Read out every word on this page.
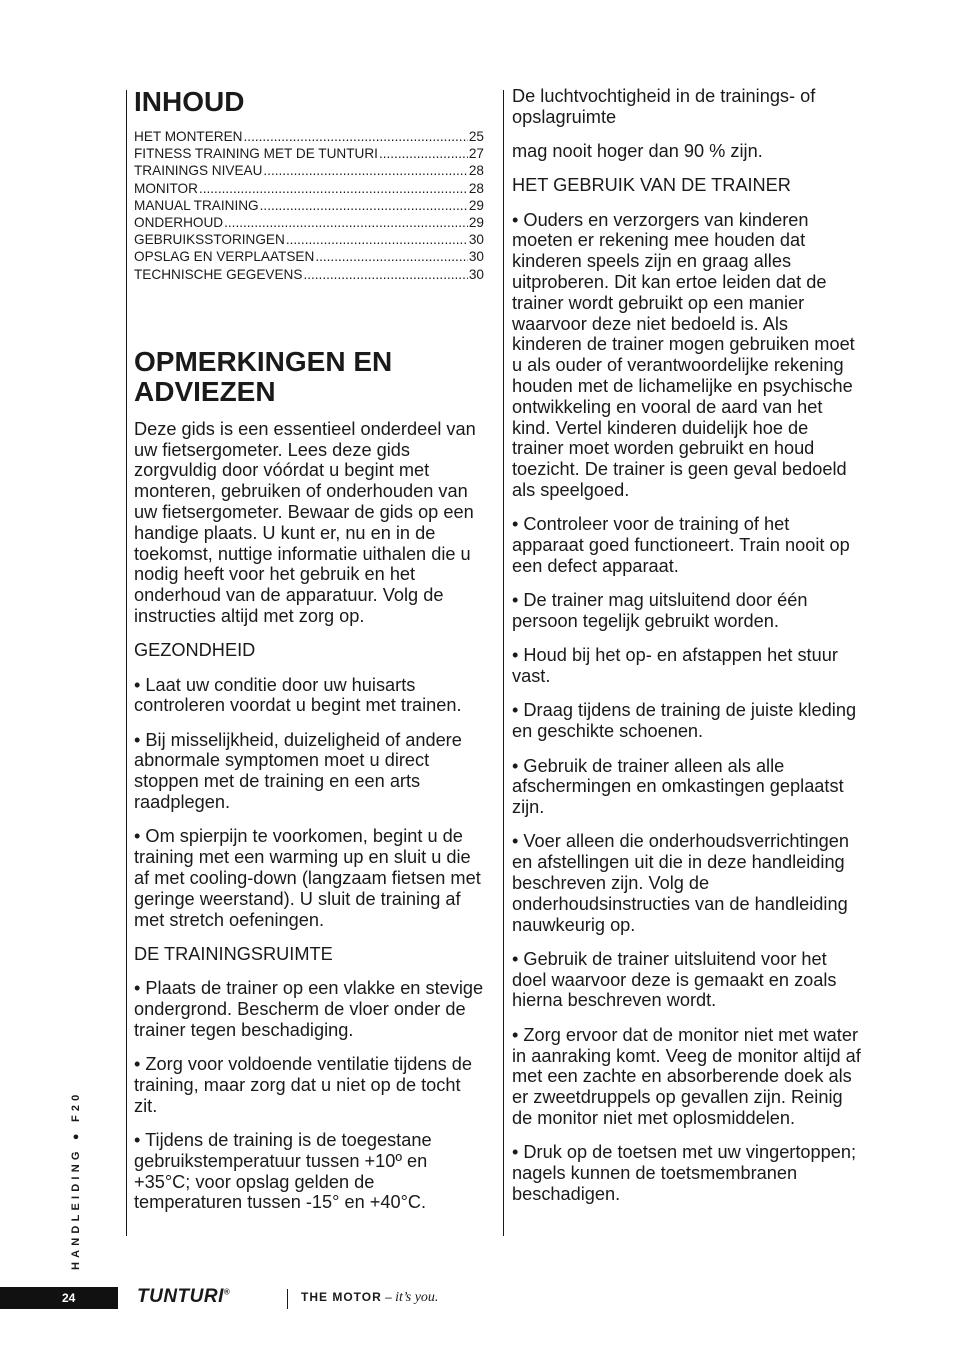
INHOUD
HET MONTEREN .....	25
FITNESS TRAINING MET DE TUNTURI .....	27
TRAININGS NIVEAU .....	28
MONITOR .....	28
MANUAL TRAINING .....	29
ONDERHOUD .....	29
GEBRUIKSSTORINGEN .....	30
OPSLAG EN VERPLAATSEN .....	30
TECHNISCHE GEGEVENS .....	30
OPMERKINGEN EN ADVIEZEN

Deze gids is een essentieel onderdeel van uw fietsergometer. Lees deze gids zorgvuldig door vóórdat u begint met monteren, gebruiken of onderhouden van uw fietsergometer. Bewaar de gids op een handige plaats. U kunt er, nu en in de toekomst, nuttige informatie uithalen die u nodig heeft voor het gebruik en het onderhoud van de apparatuur. Volg de instructies altijd met zorg op.

GEZONDHEID

• Laat uw conditie door uw huisarts controleren voordat u begint met trainen.

• Bij misselijkheid, duizeligheid of andere abnormale symptomen moet u direct stoppen met de training en een arts raadplegen.

• Om spierpijn te voorkomen, begint u de training met een warming up en sluit u die af met cooling-down (langzaam fietsen met geringe weerstand). U sluit de training af met stretch oefeningen.

DE TRAININGSRUIMTE

• Plaats de trainer op een vlakke en stevige ondergrond. Bescherm de vloer onder de trainer tegen beschadiging.

• Zorg voor voldoende ventilatie tijdens de training, maar zorg dat u niet op de tocht zit.

• Tijdens de training is de toegestane gebruikstemperatuur tussen +10º en +35°C; voor opslag gelden de temperaturen tussen -15° en +40°C.

De luchtvochtigheid in de trainings- of opslagruimte

mag nooit hoger dan 90 % zijn.

HET GEBRUIK VAN DE TRAINER

• Ouders en verzorgers van kinderen moeten er rekening mee houden dat kinderen speels zijn en graag alles uitproberen. Dit kan ertoe leiden dat de trainer wordt gebruikt op een manier waarvoor deze niet bedoeld is. Als kinderen de trainer mogen gebruiken moet u als ouder of verantwoordelijke rekening houden met de lichamelijke en psychische ontwikkeling en vooral de aard van het kind. Vertel kinderen duidelijk hoe de trainer moet worden gebruikt en houd toezicht. De trainer is geen geval bedoeld als speelgoed.

• Controleer voor de training of het apparaat goed functioneert. Train nooit op een defect apparaat.

• De trainer mag uitsluitend door één persoon tegelijk gebruikt worden.

• Houd bij het op- en afstappen het stuur vast.

• Draag tijdens de training de juiste kleding en geschikte schoenen.

• Gebruik de trainer alleen als alle afschermingen en omkastingen geplaatst zijn.

• Voer alleen die onderhoudsverrichtingen en afstellingen uit die in deze handleiding beschreven zijn. Volg de onderhoudsinstructies van de handleiding nauwkeurig op.

• Gebruik de trainer uitsluitend voor het doel waarvoor deze is gemaakt en zoals hierna beschreven wordt.

• Zorg ervoor dat de monitor niet met water in aanraking komt. Veeg de monitor altijd af met een zachte en absorberende doek als er zweetdruppels op gevallen zijn. Reinig de monitor niet met oplosmiddelen.

• Druk op de toetsen met uw vingertoppen; nagels kunnen de toetsmembranen beschadigen.

HANDLEIDING ● F20
24	TUNTURI®	THE MOTOR – it’s you.
